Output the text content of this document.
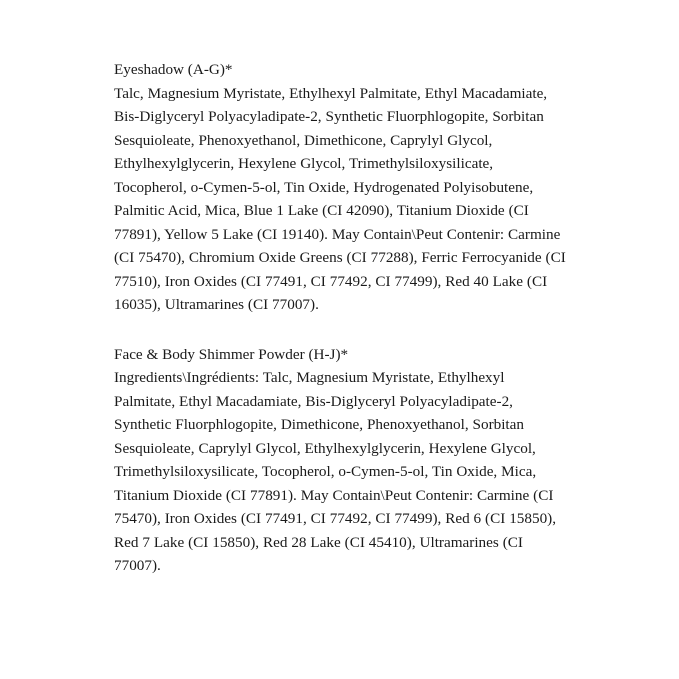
Eyeshadow (A-G)*

Talc, Magnesium Myristate, Ethylhexyl Palmitate, Ethyl Macadamiate, Bis-Diglyceryl Polyacyladipate-2, Synthetic Fluorphlogopite, Sorbitan Sesquioleate, Phenoxyethanol, Dimethicone, Caprylyl Glycol, Ethylhexylglycerin, Hexylene Glycol, Trimethylsiloxysilicate, Tocopherol, o-Cymen-5-ol, Tin Oxide, Hydrogenated Polyisobutene, Palmitic Acid, Mica, Blue 1 Lake (CI 42090), Titanium Dioxide (CI 77891), Yellow 5 Lake (CI 19140). May Contain\Peut Contenir: Carmine (CI 75470), Chromium Oxide Greens (CI 77288), Ferric Ferrocyanide (CI 77510), Iron Oxides (CI 77491, CI 77492, CI 77499), Red 40 Lake (CI 16035), Ultramarines (CI 77007).

Face & Body Shimmer Powder (H-J)*

Ingredients\Ingrédients: Talc, Magnesium Myristate, Ethylhexyl Palmitate, Ethyl Macadamiate, Bis-Diglyceryl Polyacyladipate-2, Synthetic Fluorphlogopite, Dimethicone, Phenoxyethanol, Sorbitan Sesquioleate, Caprylyl Glycol, Ethylhexylglycerin, Hexylene Glycol, Trimethylsiloxysilicate, Tocopherol, o-Cymen-5-ol, Tin Oxide, Mica, Titanium Dioxide (CI 77891). May Contain\Peut Contenir: Carmine (CI 75470), Iron Oxides (CI 77491, CI 77492, CI 77499), Red 6 (CI 15850), Red 7 Lake (CI 15850), Red 28 Lake (CI 45410), Ultramarines (CI 77007).
